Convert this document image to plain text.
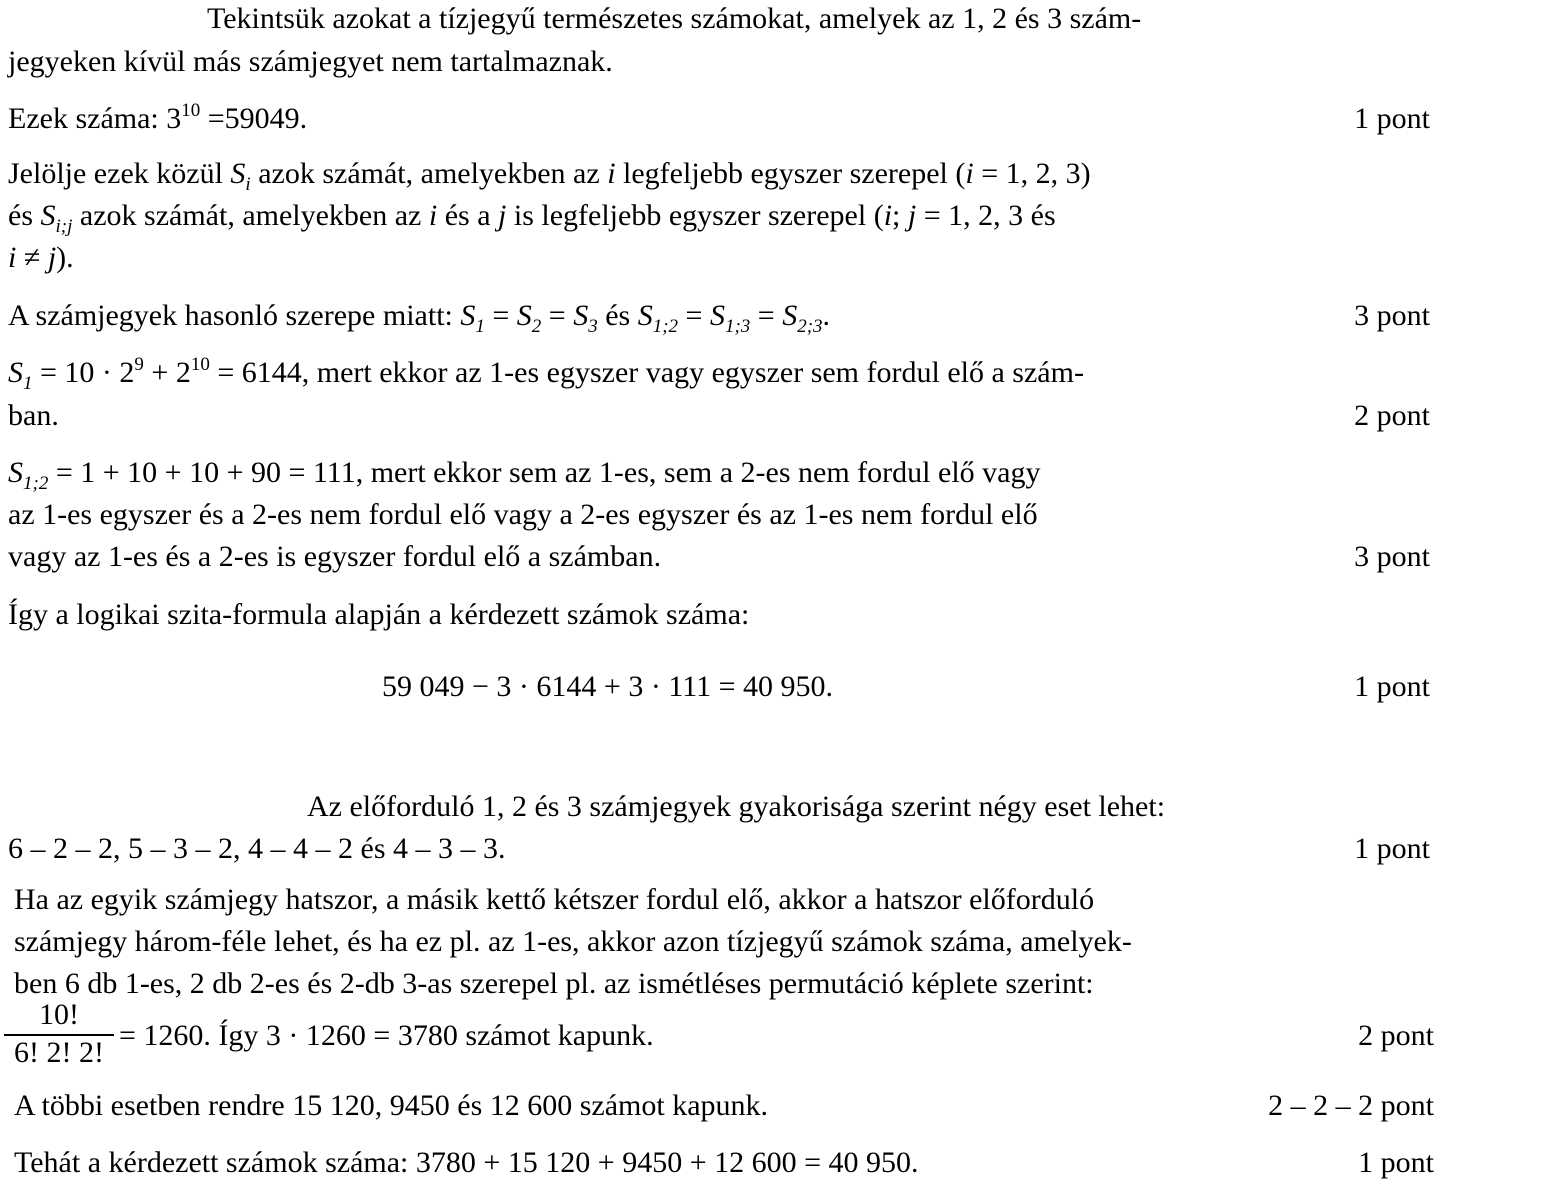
Tekintsük azokat a tízjegyű természetes számokat, amelyek az 1, 2 és 3 szám-
jegyeken kívül más számjegyet nem tartalmaznak.
Ezek száma: $3^{10} =59049$.	1 pont
Jelölje ezek közül $S_i$ azok számát, amelyekben az i legfeljebb egyszer szerepel (i = 1, 2, 3)
és $S_{i;j}$ azok számát, amelyekben az i és a j is legfeljebb egyszer szerepel (i; j = 1, 2, 3 és
i ≠ j).
A számjegyek hasonló szerepe miatt: $S_1 = S_2 = S_3$ és $S_{1;2} = S_{1;3} = S_{2;3}$.	3 pont
$S_1 = 10 \cdot 2^9 + 2^{10} = 6144$, mert ekkor az 1-es egyszer vagy egyszer sem fordul elő a szám-
ban.	2 pont
$S_{1;2} = 1 + 10 + 10 + 90 = 111$, mert ekkor sem az 1-es, sem a 2-es nem fordul elő vagy
az 1-es egyszer és a 2-es nem fordul elő vagy a 2-es egyszer és az 1-es nem fordul elő
vagy az 1-es és a 2-es is egyszer fordul elő a számban.	3 pont
Így a logikai szita-formula alapján a kérdezett számok száma:
59 049 − 3 · 6144 + 3 · 111 = 40 950.	1 pont
Az előforduló 1, 2 és 3 számjegyek gyakorisága szerint négy eset lehet:
6 – 2 – 2, 5 – 3 – 2, 4 – 4 – 2 és 4 – 3 – 3.	1 pont
Ha az egyik számjegy hatszor, a másik kettő kétszer fordul elő, akkor a hatszor előforduló
számjegy három-féle lehet, és ha ez pl. az 1-es, akkor azon tízjegyű számok száma, amelyek-
ben 6 db 1-es, 2 db 2-es és 2-db 3-as szerepel pl. az ismétléses permutáció képlete szerint:
10!
6! 2! 2!
= 1260. Így 3 · 1260 = 3780 számot kapunk.	2 pont
A többi esetben rendre 15 120, 9450 és 12 600 számot kapunk.	2 – 2 – 2 pont
Tehát a kérdezett számok száma: 3780 + 15 120 + 9450 + 12 600 = 40 950.	1 pont
